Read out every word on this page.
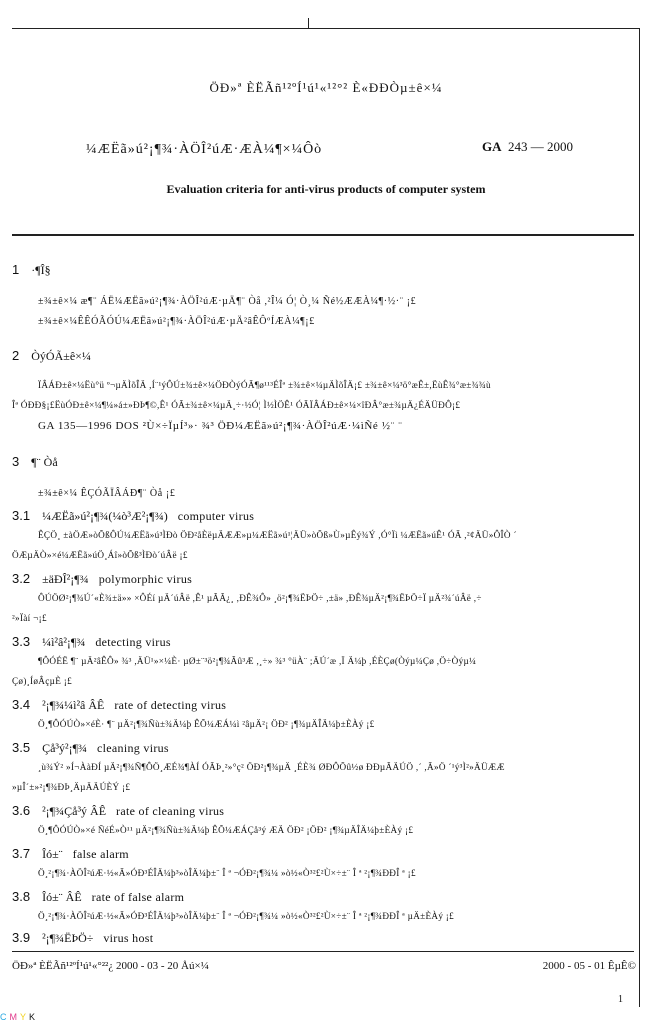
ÖÐ»ª ÈËÃñ¹²ºÍ¹ú¹«¹²°² È«ÐÐÒµ±ê×¼
¼ÆËã»ú²¡¶¾·ÀÖÎ²úÆ·ÆÀ¼¶×¼Ôò	GA 243 — 2000
Evaluation criteria for anti-virus products of computer system
1 ·¶Î§
±¾±ê×¼ æ¶¨ ÁË¼ÆËã»ú²¡¶¾·ÀÖÎ²úÆ·µÄ¶¨ Òå ,²Î¼ Ó¦ Ò¸¼ Ñé½ÆÆÀ¼¶·½·¨ ¡£
±¾±ê×¼ÊÊÓÃÓÚ¼ÆËã»ú²¡¶¾·ÀÖÎ²úÆ·µÄ²âÊÔºÍÆÀ¼¶¡£
2 ÒýÓÃ±ê×¼
ÏÂÁÐ±ê×¼Ëù°ü º¬µÄÌõÎÄ ,Í¨¹ýÔÚ±¾±ê×¼ÖÐÒýÓÃ¶ø¹¹³ÉÎª ±¾±ê×¼µÄÌõÎÄ¡£ ±¾±ê×¼³ö°æÊ±,ËùÊ¾°æ±¾¾ù
Îª ÓÐÐ§¡£ËùÓÐ±ê×¼¶¼»á±»ÐÞ¶©,Ê¹ ÓÃ±¾±ê×¼µÄ¸÷·½Ó¦ Ì½ÌÖÊ¹ ÓÃÏÂÁÐ±ê×¼×îÐÂ°æ±¾µÄ¿ÉÄÜÐÔ¡£
GA 135—1996 DOS ²Ù×÷ÏµÍ³»· ¾³ ÖÐ¼ÆËã»ú²¡¶¾·ÀÖÎ²úÆ·¼ìÑé ½¨ ¨
3 ¶¨ Òå
±¾±ê×¼ ÊÇÓÃÏÂÁÐ¶¨ Òå ¡£
3.1 ¼ÆËã»ú²¡¶¾(¼ò³Æ²¡¶¾) computer virus
ÊÇÖ¸ ±àÖÆ»òÕßÔÚ¼ÆËã»ú³ÌÐò ÖÐ²åÈëµÄÆÆ»µ¼ÆËã»ú¹¦ÄÜ»òÕß»Ù»µÊý¾Ý ,Ó°Ïì ¼ÆËã»úÊ¹ ÓÃ ,²¢ÄÜ»ÔÎÒ ´
ÖÆµÄÒ»×é¼ÆËã»úÖ¸Áî»òÕß³ÌÐò´úÂë ¡£
3.2 ±äÐÎ²¡¶¾ polymorphic virus
ÔÚÖØ²¡¶¾Ú´«È¾±ä»» ×ÔÉí µÄ´úÂë ,Ê¹ µÃÃ¿¸ ,ÐÊ¾Ô» ¸ö²¡¶¾ËÞÖ÷ ,±ä» ,ÐÊ¾µÄ²¡¶¾ËÞÖ÷Ï µÄ²¾´úÂë ,÷
²»Ïàí ¬¡£
3.3 ¼ì²â²¡¶¾ detecting virus
¶ÔÓÉË ¶¨ µÄ²âÊÔ» ¾³ ,ÄÜ¹»×¼È· µØ±¨³ö²¡¶¾Ãû³Æ ,¸÷» ¾³ °üÀ¨ ;ÄÚ´æ ,Ï Ä¼þ ,ÉÈÇø(Òýµ¼Çø ,Ö÷Òýµ¼
Çø)¸ÍøÂçµÈ ¡£
3.4 ²¡¶¾¼ì²â ÂÊ rate of detecting virus
Ö¸¶ÔÓÚÒ»×éÈ· ¶¨ µÄ²¡¶¾Ñù±¾Ä¼þ ÊÕ¼ÆÁ¼ì ²âµÄ²¡ ÖÐ² ¡¶¾µÄÎÄ¼þ±ÈÀý ¡£
3.5 Çå³ý²¡¶¾ cleaning virus
¸ù¾Ý² »Í¬ÀàÐÍ µÄ²¡¶¾Ñ¶ÔÖ¸ÆÉ¾¶ÀÍ ÓÃÞ¸²»°ç² ÖÐ²¡¶¾µÄ ¸ÉÈ¾ ØÐÔÕû½ø ÐÐµÃÄÚÖ ,´ ,Ã»Ö ´¹ý³Ì²»ÄÜÆÆ
»µÎ´±»²¡¶¾ÐÞ¸ÄµÄÄÚÈÝ ¡£
3.6 ²¡¶¾Çå³ý ÂÊ rate of cleaning virus
Ö¸¶ÔÓÚÒ»×é ÑéÉ»Ò¹¹ µÄ²¡¶¾Ñù±¾Ä¼þ ÊÕ¼ÆÁÇå³ý ÆÄ ÖÐ² ¡ÖÐ² ¡¶¾µÄÎÄ¼þ±ÈÀý ¡£
3.7 Îó±¨ false alarm
Ö¸²¡¶¾·ÀÖÎ²úÆ·½«Ã»ÓÐ³ÉÎÄ¼þ³»òÎÄ¼þ±¨ Î ª ¬ÓÐ²¡¶¾¼ »ò½«Ò³²£²Ù×÷±¨ Î ª ²¡¶¾ÐÐÎ ª ¡£
3.8 Îó±¨ ÂÊ rate of false alarm
Ö¸²¡¶¾·ÀÖÎ²úÆ·½«Ã»ÓÐ³ÉÎÄ¼þ³»òÎÄ¼þ±¨ Î ª ¬ÓÐ²¡¶¾¼ »ò½«Ò³²£²Ù×÷±¨ Î ª ²¡¶¾ÐÐÎ ª µÄ±ÈÀý ¡£
3.9 ²¡¶¾ËÞÖ÷ virus host
ÖÐ»ª ÈËÃñ¹²ºÍ¹ú¹«°²²¿ 2000 - 03 - 20 Åú×¼	2000 - 05 - 01 ÊµÊ©
1
C M Y K
